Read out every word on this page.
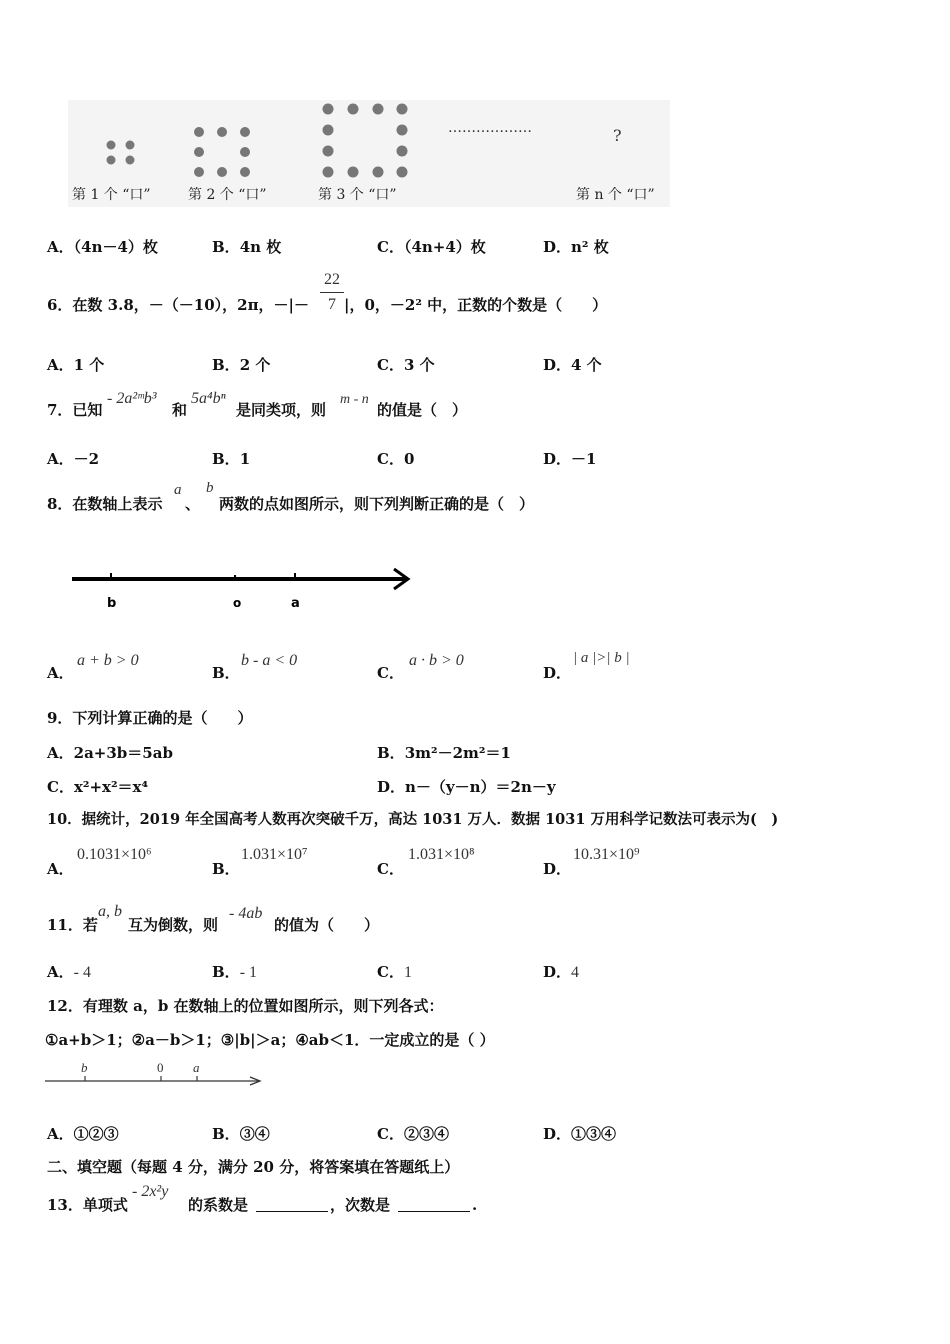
………………	?
第 1 个 “口”	第 2 个 “口”	第 3 个 “口”	第 n 个 “口”
A．（4n－4）枚	B．4n 枚	C．（4n+4）枚	D．n² 枚
6．在数 3.8，－（－10），2π，－|－
22
7 |，0，－2² 中，正数的个数是（　　）
A．1 个	B．2 个	C．3 个	D．4 个
7．已知
- 2a²ᵐb³
和
5a⁴bⁿ
是同类项，则
m - n
的值是（　）
A．－2	B．1	C．0	D．－1
8．在数轴上表示
a
、
b
两数的点如图所示，则下列判断正确的是（　）
b	o	a
A．
a + b > 0
B．
b - a < 0
C．
a · b > 0
D．
| a |>| b |
9．下列计算正确的是（　　）
A．2a+3b＝5ab	B．3m²－2m²＝1
C．x²+x²＝x⁴	D．n－（y－n）＝2n－y
10．据统计，2019 年全国高考人数再次突破千万，高达 1031 万人．数据 1031 万用科学记数法可表示为(　)
A．
0.1031×10⁶
B．
1.031×10⁷
C．
1.031×10⁸
D．
10.31×10⁹
11．若
a, b
互为倒数，则
- 4ab
的值为（　　）
A．- 4	B．- 1	C．1	D．4
12．有理数 a，b 在数轴上的位置如图所示，则下列各式：
①a+b＞1；②a－b＞1；③|b|＞a；④ab＜1．一定成立的是（ ）
b	0 a
A．①②③	B．③④	C．②③④	D．①③④
二、填空题（每题 4 分，满分 20 分，将答案填在答题纸上）
13．单项式
- 2x²y
的系数是	，次数是	.
